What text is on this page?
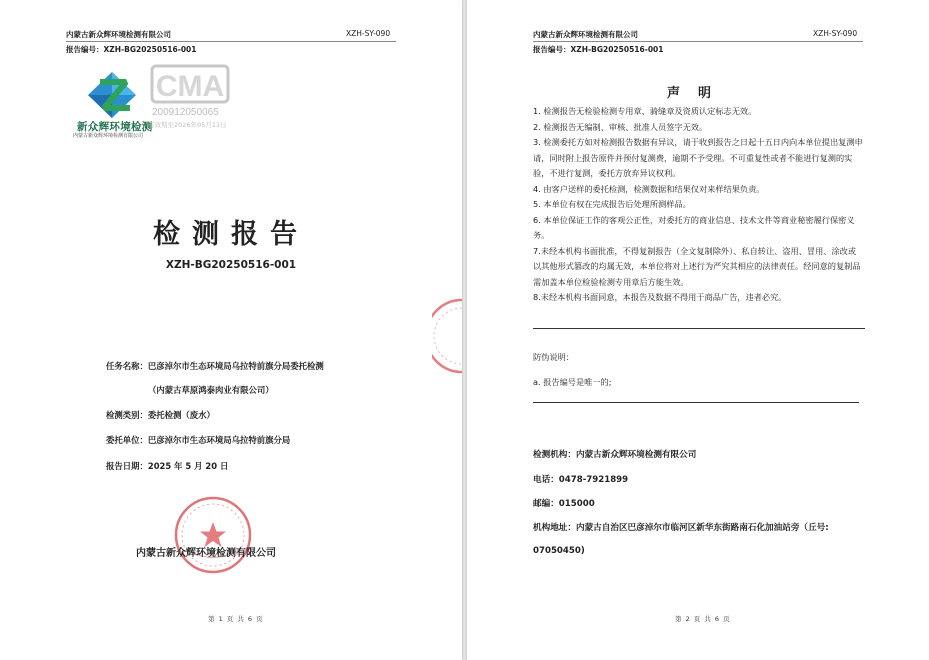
内蒙古新众辉环境检测有限公司	XZH-SY-090
报告编号：XZH-BG20250516-001
新众辉环境检测
内蒙古新众辉环境检测有限公司
CMA
200912050065
有效期至2026年05月11日
检测报告
XZH-BG20250516-001
任务名称：巴彦淖尔市生态环境局乌拉特前旗分局委托检测
（内蒙古草原鸿泰肉业有限公司）
检测类别：委托检测（废水）
委托单位：巴彦淖尔市生态环境局乌拉特前旗分局
报告日期：2025 年 5 月 20 日
内蒙古新众辉环境检测有限公司
第 1 页 共 6 页
内蒙古新众辉环境检测有限公司	XZH-SY-090
报告编号：XZH-BG20250516-001
声明
1. 检测报告无检验检测专用章、骑缝章及资质认定标志无效。
2. 检测报告无编制、审核、批准人员签字无效。
3. 检测委托方如对检测报告数据有异议，请于收到报告之日起十五日内向本单位提出复测申请，同时附上报告原件并预付复测费，逾期不予受理。不可重复性或者不能进行复测的实验，不进行复测，委托方放弃异议权利。
4. 由客户送样的委托检测，检测数据和结果仅对来样结果负责。
5. 本单位有权在完成报告后处理所测样品。
6. 本单位保证工作的客观公正性，对委托方的商业信息、技术文件等商业秘密履行保密义务。
7.未经本机构书面批准，不得复制报告（全文复制除外）、私自转让、盗用、冒用、涂改或以其他形式篡改的均属无效，本单位将对上述行为严究其相应的法律责任。经同意的复制品需加盖本单位检验检测专用章后方能生效。
8.未经本机构书面同意，本报告及数据不得用于商品广告，违者必究。
防伪说明：
a. 报告编号是唯一的;
检测机构：内蒙古新众辉环境检测有限公司
电话：0478-7921899
邮编：015000
机构地址：内蒙古自治区巴彦淖尔市临河区新华东街路南石化加油站旁（丘号:
07050450)
第 2 页 共 6 页
